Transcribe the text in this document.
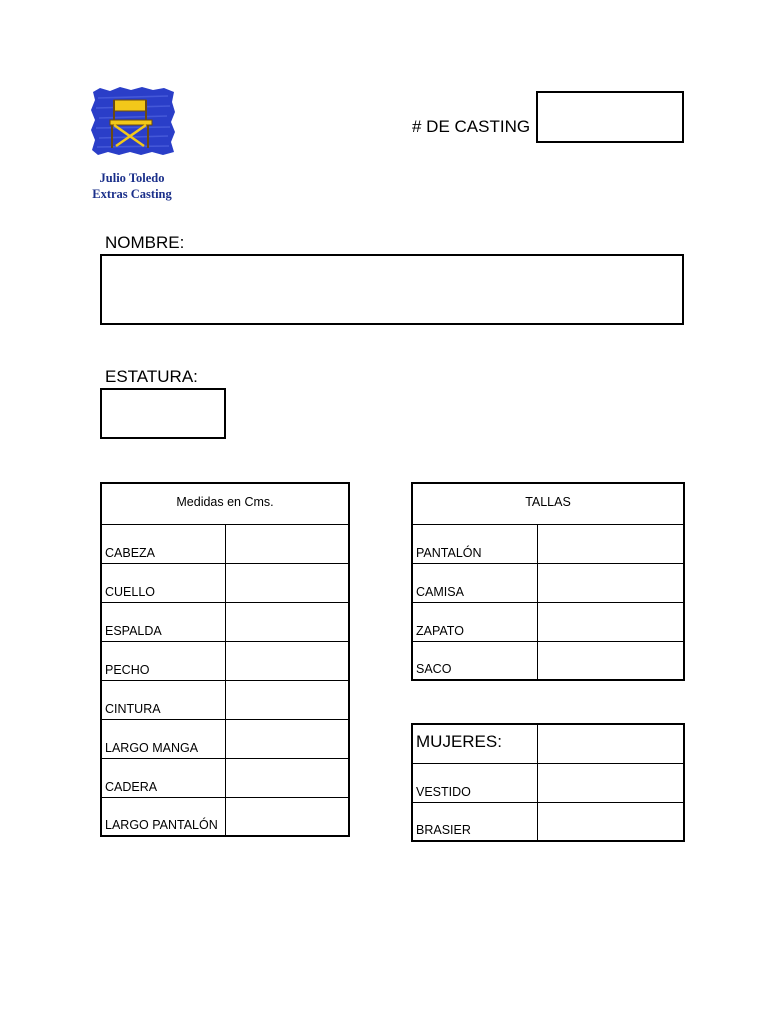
Julio Toledo
Extras Casting
# DE CASTING
NOMBRE:
ESTATURA:
Medidas en Cms.	
CABEZA	
CUELLO	
ESPALDA	
PECHO	
CINTURA	
LARGO MANGA	
CADERA	
LARGO PANTALÓN	
TALLAS	
PANTALÓN	
CAMISA	
ZAPATO	
SACO	
MUJERES:	
VESTIDO	
BRASIER	
